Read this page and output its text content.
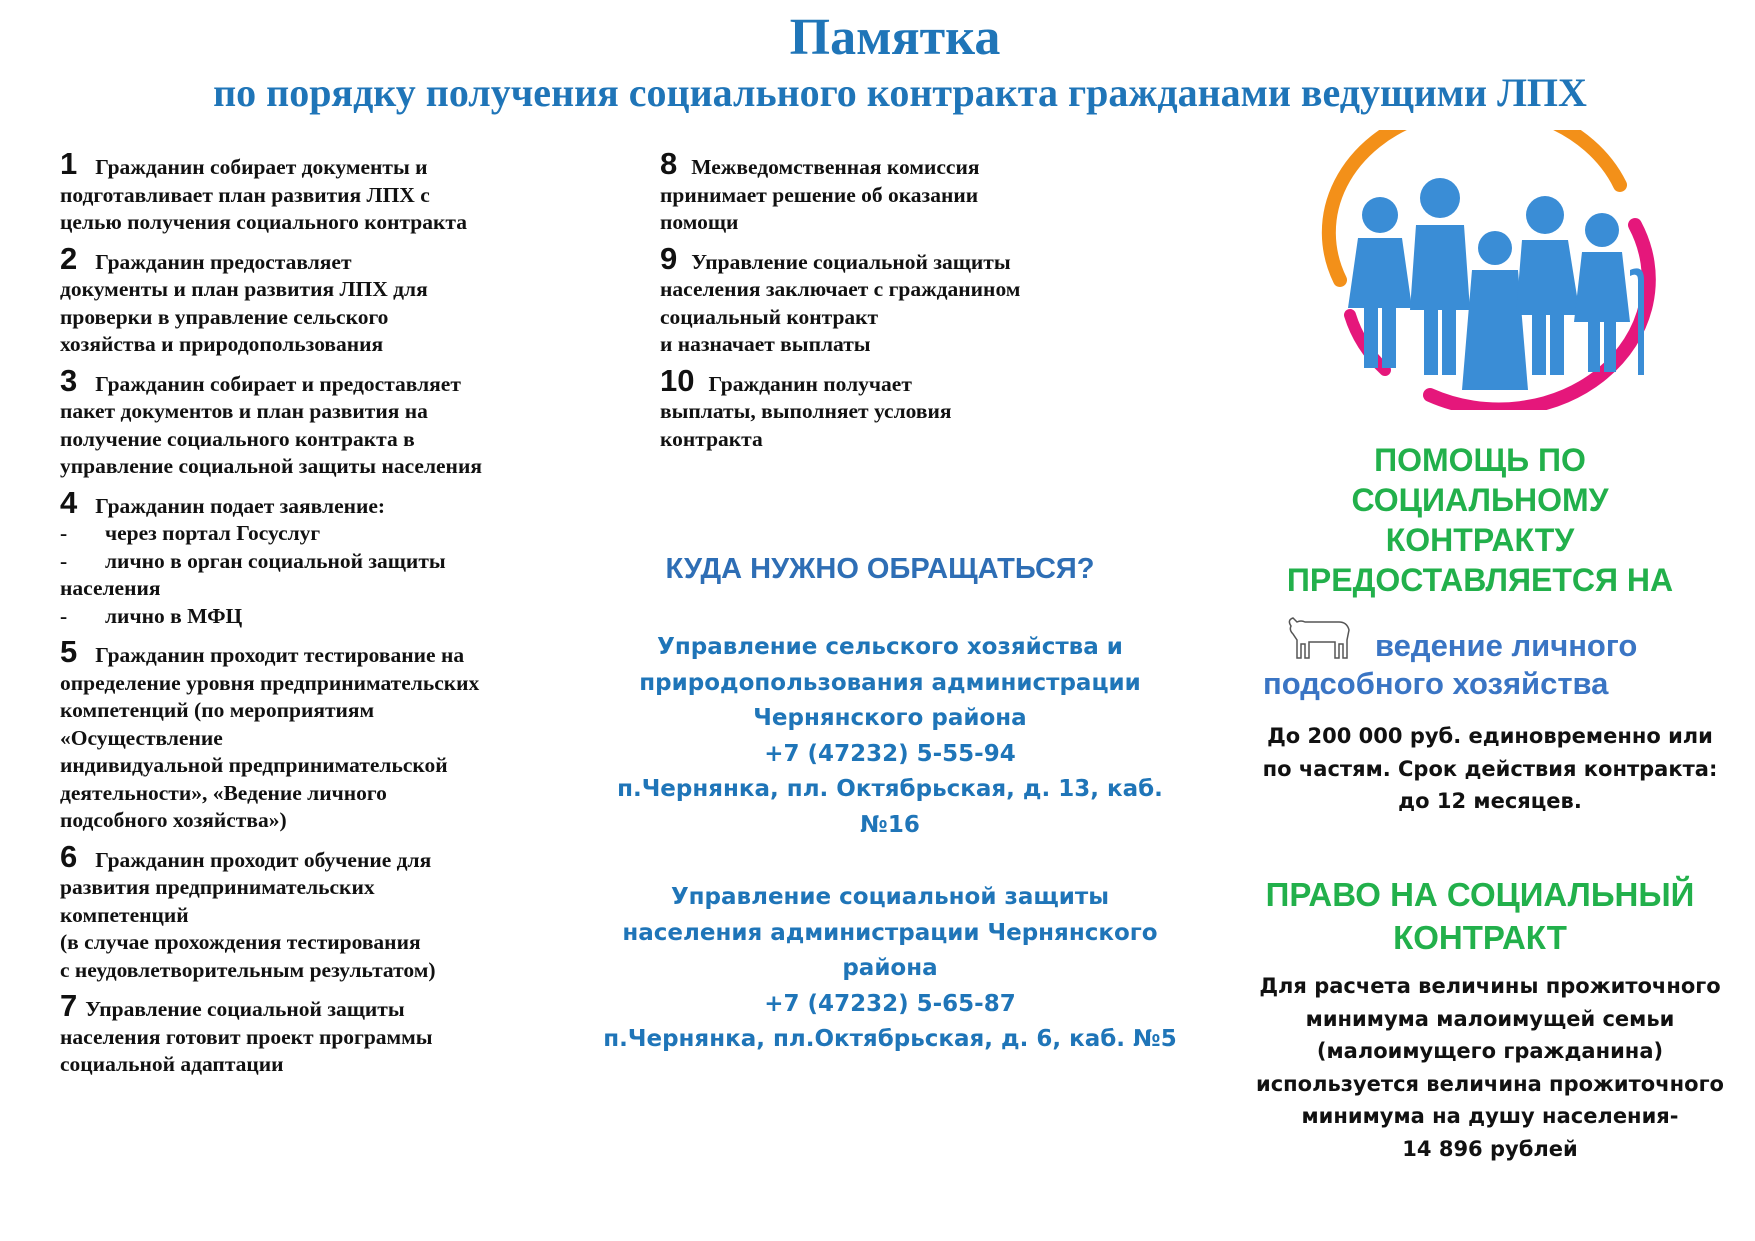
Памятка
по порядку получения социального контракта гражданами ведущими ЛПХ
1 Гражданин собирает документы и
подготавливает план развития ЛПХ с
целью получения социального контракта
2 Гражданин предоставляет
документы и план развития ЛПХ для
проверки в управление сельского
хозяйства и природопользования
3 Гражданин собирает и предоставляет
пакет документов и план развития на
получение социального контракта в
управление социальной защиты населения
4 Гражданин подает заявление:
- через портал Госуслуг
- лично в орган социальной защиты
населения
- лично в МФЦ
5 Гражданин проходит тестирование на
определение уровня предпринимательских
компетенций (по мероприятиям
«Осуществление
индивидуальной предпринимательской
деятельности», «Ведение личного
подсобного хозяйства»)
6 Гражданин проходит обучение для
развития предпринимательских
компетенций
(в случае прохождения тестирования
с неудовлетворительным результатом)
7 Управление социальной защиты
населения готовит проект программы
социальной адаптации
8 Межведомственная комиссия
принимает решение об оказании
помощи
9 Управление социальной защиты
населения заключает с гражданином
социальный контракт
и назначает выплаты
10 Гражданин получает
выплаты, выполняет условия
контракта
КУДА НУЖНО ОБРАЩАТЬСЯ?
Управление сельского хозяйства и
природопользования администрации
Чернянского района
+7 (47232) 5-55-94
п.Чернянка, пл. Октябрьская, д. 13, каб.
№16
Управление социальной защиты
населения администрации Чернянского
района
+7 (47232) 5-65-87
п.Чернянка, пл.Октябрьская, д. 6, каб. №5
ПОМОЩЬ ПО
СОЦИАЛЬНОМУ
КОНТРАКТУ
ПРЕДОСТАВЛЯЕТСЯ НА
ведение личного
подсобного хозяйства
До 200 000 руб. единовременно или
по частям. Срок действия контракта:
до 12 месяцев.
ПРАВО НА СОЦИАЛЬНЫЙ
КОНТРАКТ
Для расчета величины прожиточного
минимума малоимущей семьи
(малоимущего гражданина)
используется величина прожиточного
минимума на душу населения-
14 896 рублей
